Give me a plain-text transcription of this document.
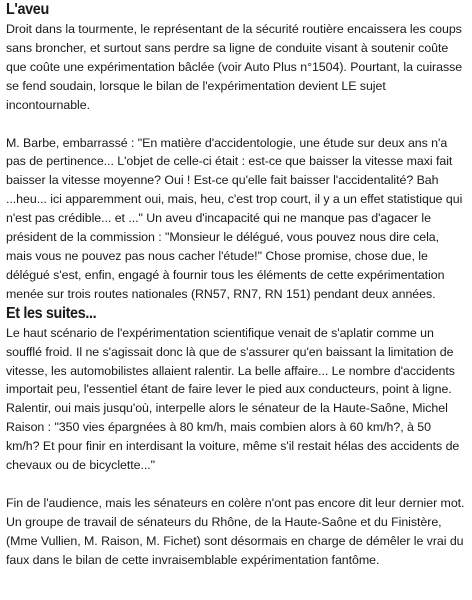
L'aveu

Droit dans la tourmente, le représentant de la sécurité routière encaissera les coups sans broncher, et surtout sans perdre sa ligne de conduite visant à soutenir coûte que coûte une expérimentation bâclée (voir Auto Plus n°1504). Pourtant, la cuirasse se fend soudain, lorsque le bilan de l'expérimentation devient LE sujet incontournable.

M. Barbe, embarrassé : "En matière d'accidentologie, une étude sur deux ans n'a pas de pertinence... L'objet de celle-ci était : est-ce que baisser la vitesse maxi fait baisser la vitesse moyenne? Oui ! Est-ce qu'elle fait baisser l'accidentalité? Bah ...heu... ici apparemment oui, mais, heu, c'est trop court, il y a un effet statistique qui n'est pas crédible... et ..." Un aveu d'incapacité qui ne manque pas d'agacer le président de la commission : "Monsieur le délégué, vous pouvez nous dire cela, mais vous ne pouvez pas nous cacher l'étude!" Chose promise, chose due, le délégué s'est, enfin, engagé à fournir tous les éléments de cette expérimentation menée sur trois routes nationales (RN57, RN7, RN 151) pendant deux années.

Et les suites...

Le haut scénario de l'expérimentation scientifique venait de s'aplatir comme un soufflé froid. Il ne s'agissait donc là que de s'assurer qu'en baissant la limitation de vitesse, les automobilistes allaient ralentir. La belle affaire... Le nombre d'accidents importait peu, l'essentiel étant de faire lever le pied aux conducteurs, point à ligne. Ralentir, oui mais jusqu'où, interpelle alors le sénateur de la Haute-Saône, Michel Raison : "350 vies épargnées à 80 km/h, mais combien alors à 60 km/h?, à 50 km/h? Et pour finir en interdisant la voiture, même s'il restait hélas des accidents de chevaux ou de bicyclette..."

Fin de l'audience, mais les sénateurs en colère n'ont pas encore dit leur dernier mot. Un groupe de travail de sénateurs du Rhône, de la Haute-Saône et du Finistère, (Mme Vullien, M. Raison, M. Fichet) sont désormais en charge de démêler le vrai du faux dans le bilan de cette invraisemblable expérimentation fantôme.
